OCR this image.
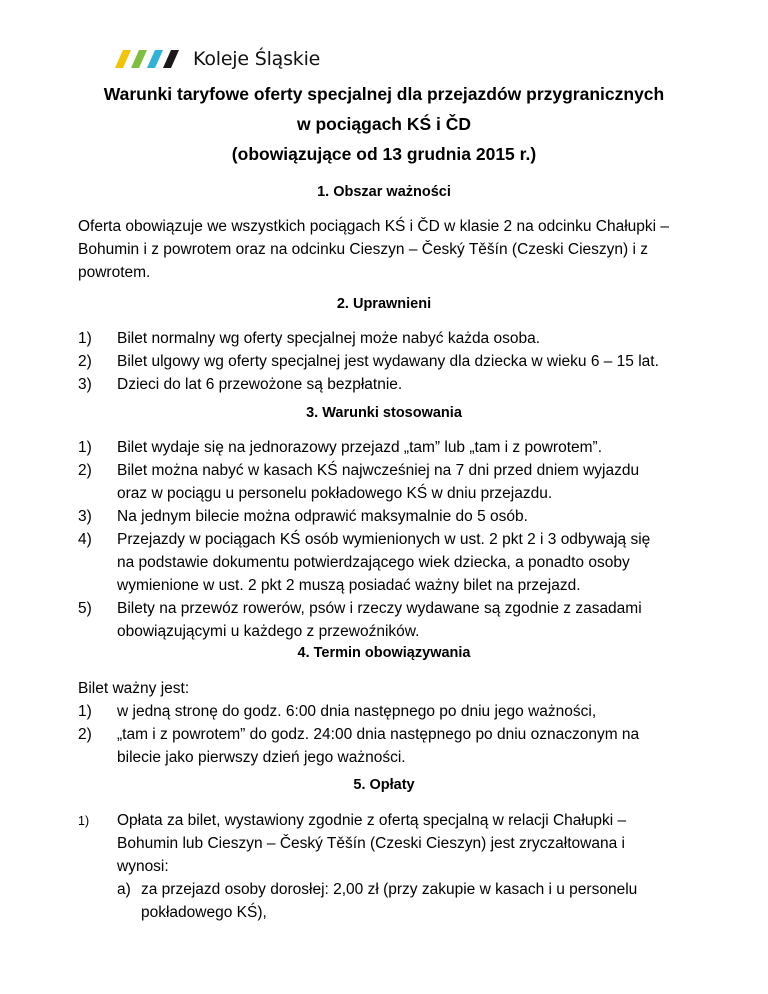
Koleje Śląskie
Warunki taryfowe oferty specjalnej dla przejazdów przygranicznych
w pociągach KŚ i ČD
(obowiązujące od 13 grudnia 2015 r.)
1. Obszar ważności

Oferta obowiązuje we wszystkich pociągach KŚ i ČD w klasie 2 na odcinku Chałupki – Bohumin i z powrotem oraz na odcinku Cieszyn – Český Těšín (Czeski Cieszyn) i z powrotem.

2. Uprawnieni
1) Bilet normalny wg oferty specjalnej może nabyć każda osoba.
2) Bilet ulgowy wg oferty specjalnej jest wydawany dla dziecka w wieku 6 – 15 lat.
3) Dzieci do lat 6 przewożone są bezpłatnie.
3. Warunki stosowania
1) Bilet wydaje się na jednorazowy przejazd „tam” lub „tam i z powrotem”.
2) Bilet można nabyć w kasach KŚ najwcześniej na 7 dni przed dniem wyjazdu oraz w pociągu u personelu pokładowego KŚ w dniu przejazdu.
3) Na jednym bilecie można odprawić maksymalnie do 5 osób.
4) Przejazdy w pociągach KŚ osób wymienionych w ust. 2 pkt 2 i 3 odbywają się na podstawie dokumentu potwierdzającego wiek dziecka, a ponadto osoby wymienione w ust. 2 pkt 2 muszą posiadać ważny bilet na przejazd.
5) Bilety na przewóz rowerów, psów i rzeczy wydawane są zgodnie z zasadami obowiązującymi u każdego z przewoźników.
4. Termin obowiązywania

Bilet ważny jest:

1) w jedną stronę do godz. 6:00 dnia następnego po dniu jego ważności,
2) „tam i z powrotem” do godz. 24:00 dnia następnego po dniu oznaczonym na bilecie jako pierwszy dzień jego ważności.
5. Opłaty
1) Opłata za bilet, wystawiony zgodnie z ofertą specjalną w relacji Chałupki – Bohumin lub Cieszyn – Český Těšín (Czeski Cieszyn) jest zryczałtowana i wynosi:
a) za przejazd osoby dorosłej: 2,00 zł (przy zakupie w kasach i u personelu pokładowego KŚ),
